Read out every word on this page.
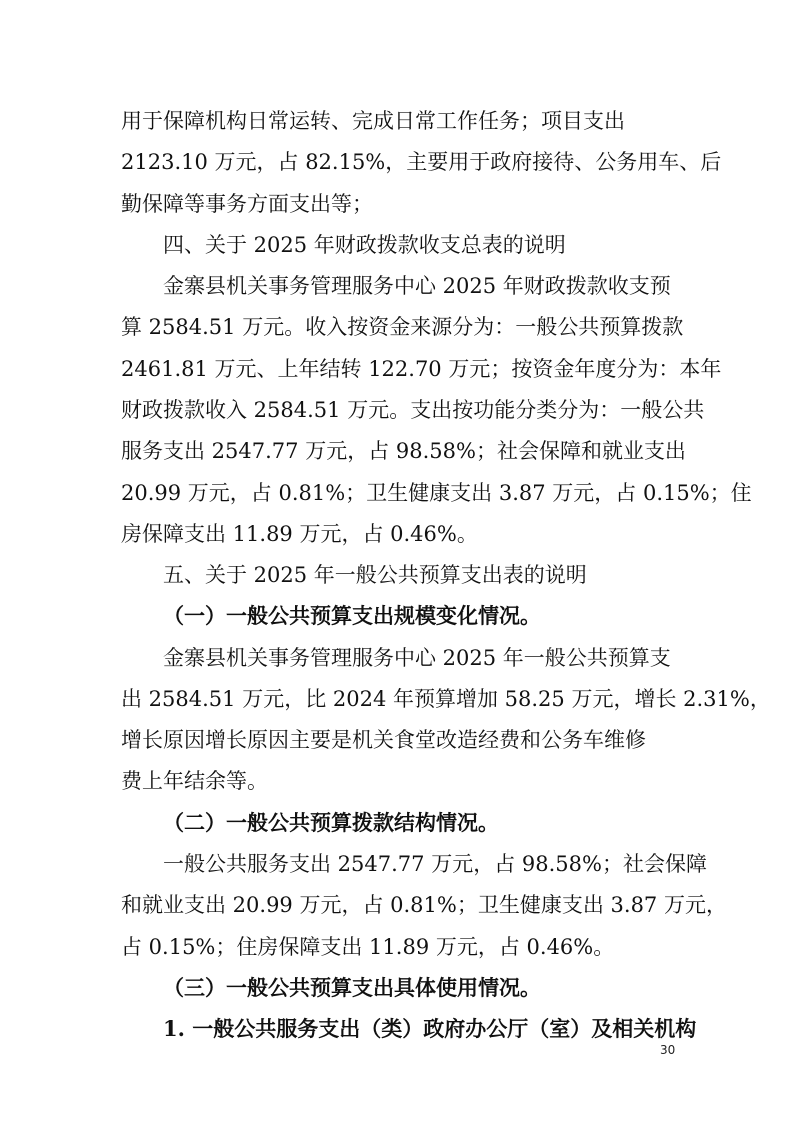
用于保障机构日常运转、完成日常工作任务；项目支出
2123.10 万元，占 82.15%，主要用于政府接待、公务用车、后
勤保障等事务方面支出等；
四、关于 2025 年财政拨款收支总表的说明
金寨县机关事务管理服务中心 2025 年财政拨款收支预
算 2584.51 万元。收入按资金来源分为：一般公共预算拨款
2461.81 万元、上年结转 122.70 万元；按资金年度分为：本年
财政拨款收入 2584.51 万元。支出按功能分类分为：一般公共
服务支出 2547.77 万元，占 98.58%；社会保障和就业支出
20.99 万元，占 0.81%；卫生健康支出 3.87 万元，占 0.15%；住
房保障支出 11.89 万元，占 0.46%。
五、关于 2025 年一般公共预算支出表的说明
（一）一般公共预算支出规模变化情况。
金寨县机关事务管理服务中心 2025 年一般公共预算支
出 2584.51 万元，比 2024 年预算增加 58.25 万元，增长 2.31%，
增长原因增长原因主要是机关食堂改造经费和公务车维修
费上年结余等。
（二）一般公共预算拨款结构情况。
一般公共服务支出 2547.77 万元，占 98.58%；社会保障
和就业支出 20.99 万元，占 0.81%；卫生健康支出 3.87 万元，
占 0.15%；住房保障支出 11.89 万元，占 0.46%。
（三）一般公共预算支出具体使用情况。
1. 一般公共服务支出（类）政府办公厅（室）及相关机构
30
